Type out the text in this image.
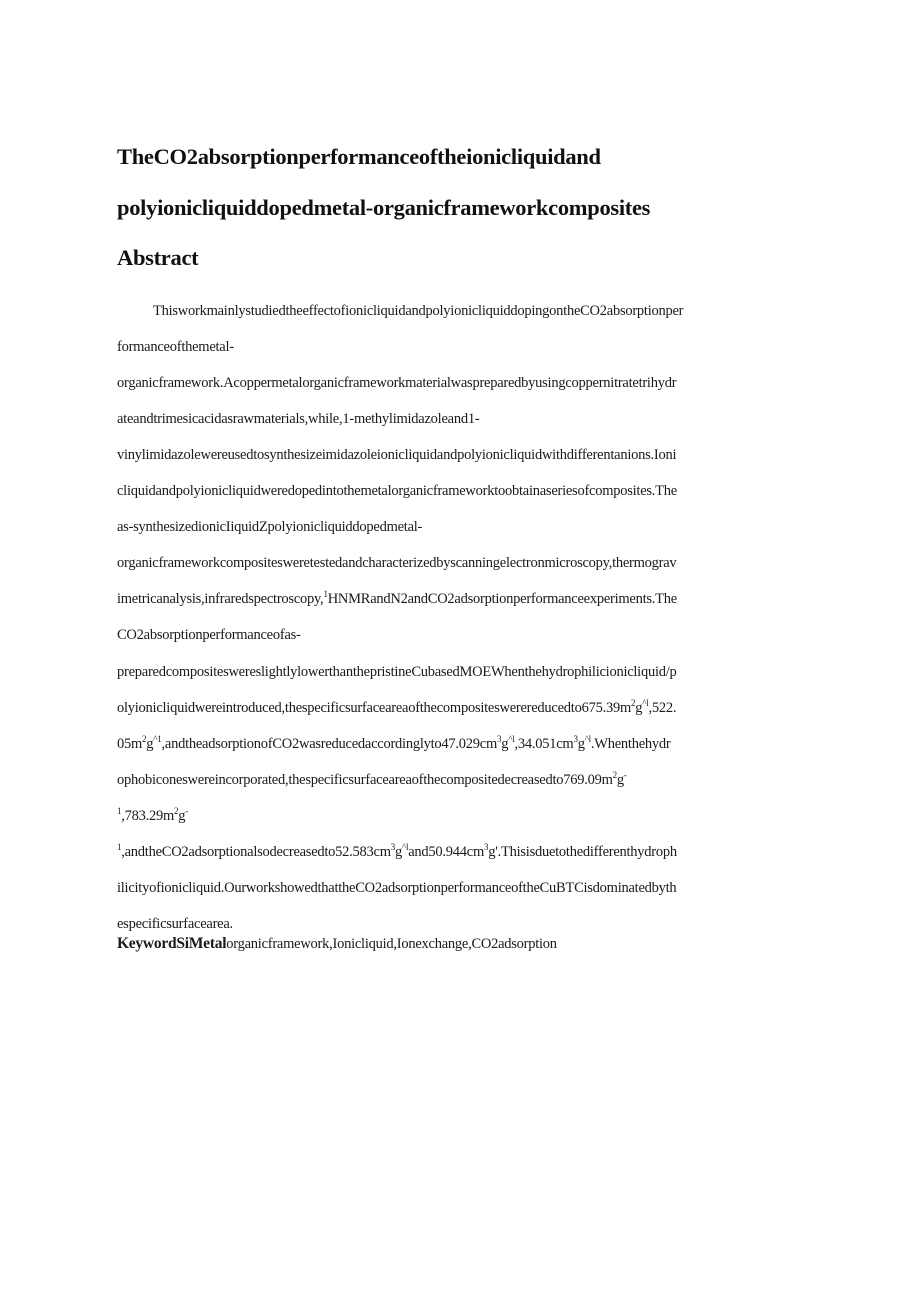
TheCO2absorptionperformanceoftheionicliquidand
polyionicliquiddopedmetal-organicframeworkcomposites
Abstract

ThisworkmainlystudiedtheeffectofionicliquidandpolyionicliquiddopingontheCO2absorptionper

formanceofthemetal-

organicframework.Acoppermetalorganicframeworkmaterialwaspreparedbyusingcoppernitratetrihydr

ateandtrimesicacidasrawmaterials,while,1-methylimidazoleand1-

vinylimidazolewereusedtosynthesizeimidazoleionicliquidandpolyionicliquidwithdifferentanions.Ioni

cliquidandpolyionicliquidweredopedintothemetalorganicframeworktoobtainaseriesofcomposites.The

as-synthesizedionicIiquidZpolyionicliquiddopedmetal-

organicframeworkcompositesweretestedandcharacterizedbyscanningelectronmicroscopy,thermograv

imetricanalysis,infraredspectroscopy,$^1$HNMRandN2andCO2adsorptionperformanceexperiments.The

CO2absorptionperformanceofas-

preparedcompositeswereslightlylowerthanthepristineCubasedMOEWhenthehydrophilicionicliquid/p

$olyionicliquidwereintroduced,thespecificsurfaceareaofthecompositeswerereducedto675.39m^2g^{\^{}l},522$.

$05m^2g^{\^{}1},andtheadsorptionofCO2wasreducedaccordinglyto47.029cm^3g^{\^{}l},34.051cm^3g^{\^{}l}.Whenthehydr$

$ophobiconeswereincorporated,thespecificsurfaceareaofthecompositedecreasedto769.09m^2g^-$

$^1,783.29m^2g^-$

$^1,andtheCO2adsorptionalsodecreasedto52.583cm^3g^{\^{}l}and50.944cm^3g'.Thisisduetothedifferenthydroph$

ilicityofionicliquid.OurworkshowedthattheCO2adsorptionperformanceoftheCuBTCisdominatedbyth

especificsurfacearea.

KeywordSiMetalorganicframework,Ionicliquid,Ionexchange,CO2adsorption
